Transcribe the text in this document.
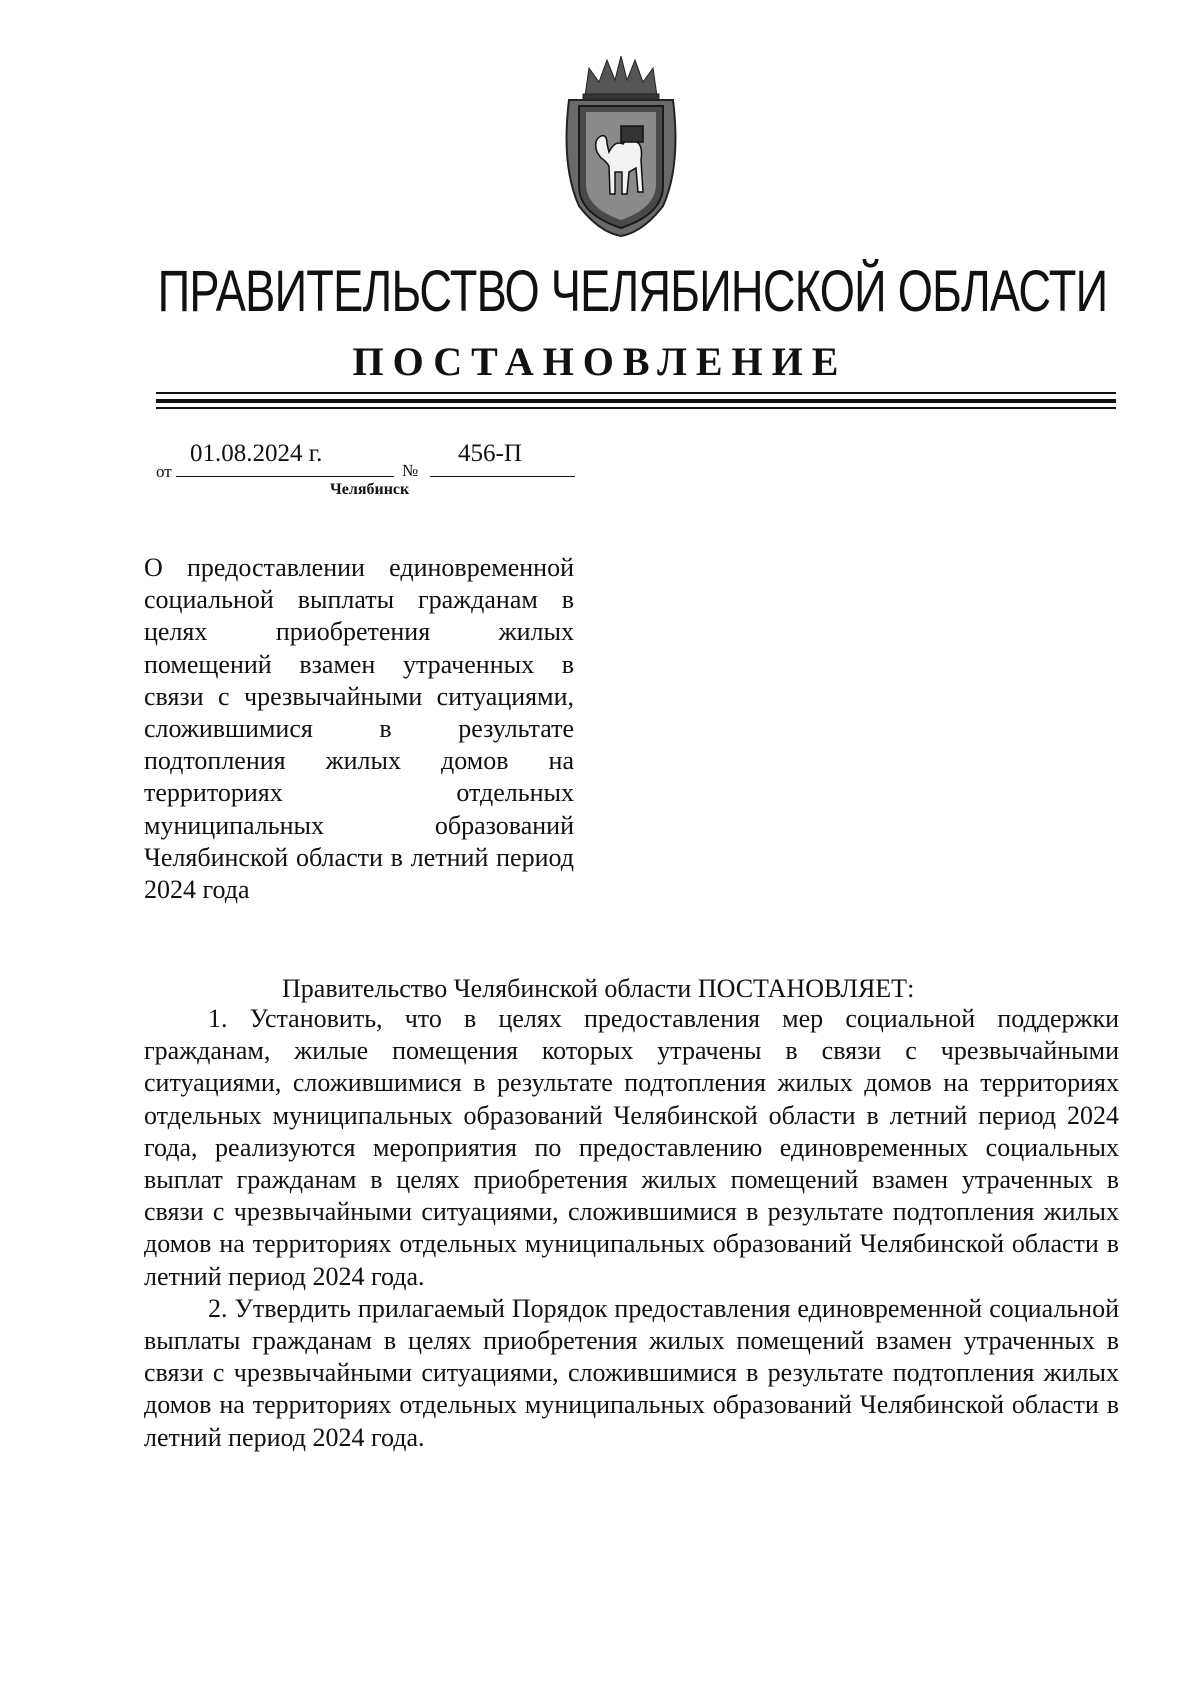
ПРАВИТЕЛЬСТВО ЧЕЛЯБИНСКОЙ ОБЛАСТИ
ПОСТАНОВЛЕНИЕ
от
01.08.2024 г.
№
456-П
Челябинск

О предоставлении единовременной социальной выплаты гражданам в целях приобретения жилых помещений взамен утраченных в связи с чрезвычайными ситуациями, сложившимися в результате подтопления жилых домов на территориях отдельных муниципальных образований Челябинской области в летний период 2024 года

Правительство Челябинской области ПОСТАНОВЛЯЕТ:

1. Установить, что в целях предоставления мер социальной поддержки гражданам, жилые помещения которых утрачены в связи с чрезвычайными ситуациями, сложившимися в результате подтопления жилых домов на территориях отдельных муниципальных образований Челябинской области в летний период 2024 года, реализуются мероприятия по предоставлению единовременных социальных выплат гражданам в целях приобретения жилых помещений взамен утраченных в связи с чрезвычайными ситуациями, сложившимися в результате подтопления жилых домов на территориях отдельных муниципальных образований Челябинской области в летний период 2024 года.

2. Утвердить прилагаемый Порядок предоставления единовременной социальной выплаты гражданам в целях приобретения жилых помещений взамен утраченных в связи с чрезвычайными ситуациями, сложившимися в результате подтопления жилых домов на территориях отдельных муниципальных образований Челябинской области в летний период 2024 года.
